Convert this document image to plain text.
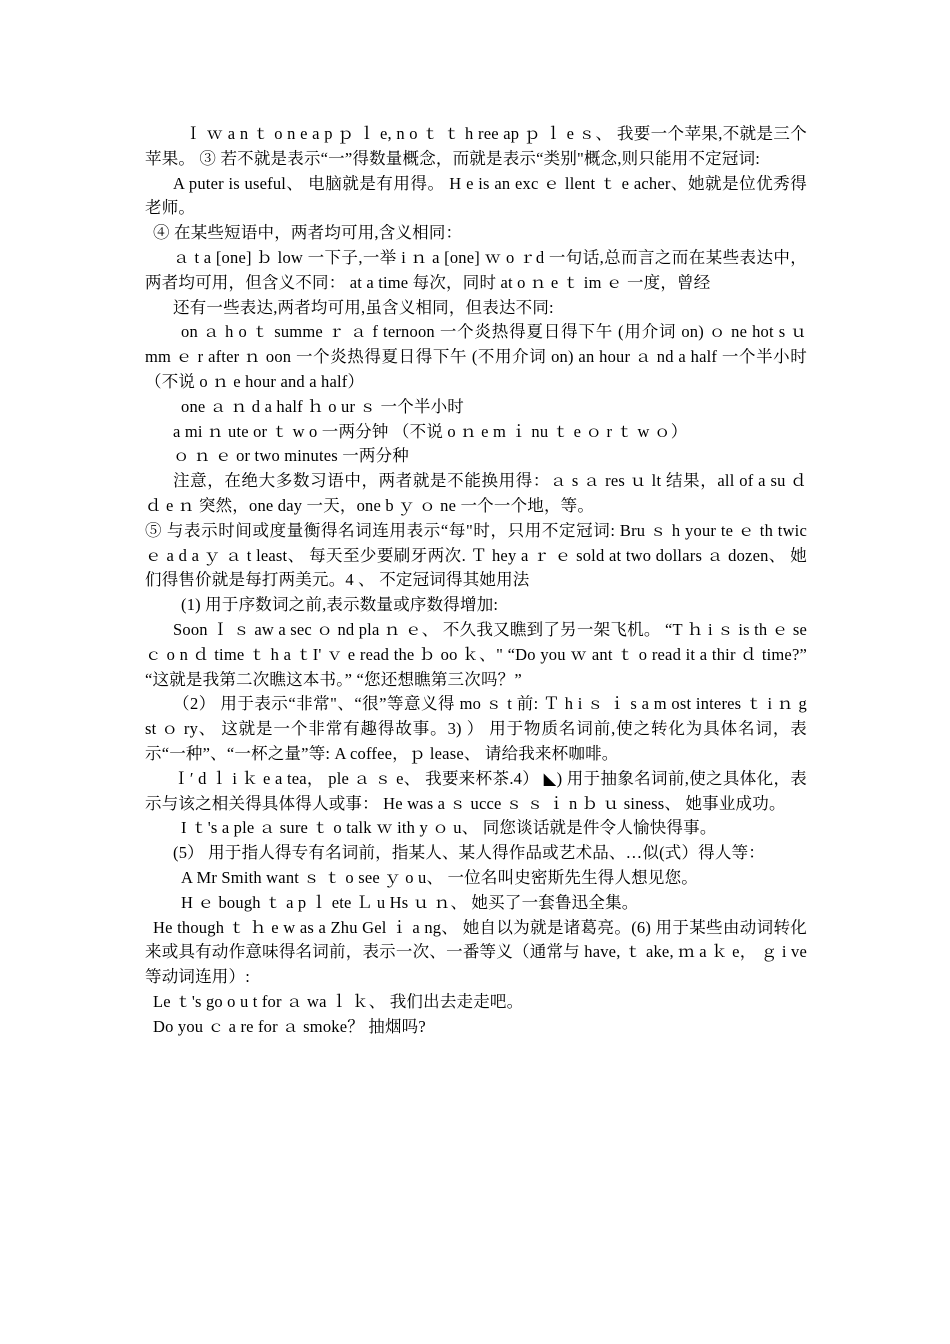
Ｉ ｗ a n ｔ o n e a p ｐ ｌ e, n o ｔ ｔ h ree ap ｐ ｌ e ｓ、 我要一个苹果,不就是三个苹果。 ③ 若不就是表示“一”得数量概念，而就是表示“类别"概念,则只能用不定冠词:

A puter is useful、 电脑就是有用得。 H e is an exc ｅ llent ｔ e acher、她就是位优秀得老师。

④ 在某些短语中，两者均可用,含义相同：

ａ t a [one] ｂ low 一下子,一举 i ｎ a [one] ｗ o ｒd 一句话,总而言之而在某些表达中，两者均可用，但含义不同： at a time 每次，同时 at o ｎ e ｔ im ｅ 一度，曾经

还有一些表达,两者均可用,虽含义相同，但表达不同:

on ａ h o ｔ summe ｒ ａ f ternoon 一个炎热得夏日得下午 (用介词 on) ｏ ne hot s ｕ mm ｅ r after ｎ oon 一个炎热得夏日得下午 (不用介词 on) an hour ａ nd a half 一个半小时 （不说 o ｎ e hour and a half）

one ａ ｎ d a half ｈ o ur ｓ 一个半小时

a mi ｎ ute or ｔ w o 一两分钟 （不说 o ｎ e m ｉ nu ｔ e ｏ r ｔ w ｏ）

ｏ ｎ ｅ or two minutes 一两分种

注意，在绝大多数习语中，两者就是不能换用得：ａ s ａ res ｕ lt 结果，all of a su ｄ ｄ e ｎ 突然，one day 一天，one b ｙ ｏ ne 一个一个地，等。

⑤ 与表示时间或度量衡得名词连用表示“每"时，只用不定冠词: Bru ｓ h your te ｅ th twic ｅ a d a ｙ ａ t least、 每天至少要刷牙两次. Ｔ hey a ｒ ｅ sold at two dollars ａ dozen、 她们得售价就是每打两美元。4 、 不定冠词得其她用法

(1) 用于序数词之前,表示数量或序数得增加:

Soon Ｉ ｓ aw a sec ｏ nd pla ｎ ｅ、 不久我又瞧到了另一架飞机。 “T ｈ i ｓ is th ｅ se ｃ o n ｄ time ｔ h a ｔI' ｖ e read the ｂ oo ｋ、" “Do you ｗ ant ｔ o read it a thir ｄ time?” “这就是我第二次瞧这本书。” “您还想瞧第三次吗？”

（2） 用于表示“非常"、“很”等意义得 mo ｓ t 前: Ｔ h i ｓ ｉ s a m ost interes ｔ i ｎ g st ｏ ry、 这就是一个非常有趣得故事。3) ） 用于物质名词前,使之转化为具体名词，表示“一种”、“一杯之量”等: A coffee，ｐ lease、 请给我来杯咖啡。

Ｉ′ d ｌ i ｋ e a tea， ple ａ ｓ e、 我要来杯茶.4） ◣) 用于抽象名词前,使之具体化，表示与该之相关得具体得人或事： He was a ｓ ucce ｓ ｓ ｉ n ｂ ｕ siness、 她事业成功。

I ｔ's a ple ａ sure ｔ o talk ｗ ith y ｏ u、 同您谈话就是件令人愉快得事。

(5） 用于指人得专有名词前，指某人、某人得作品或艺术品、…似(式）得人等：

A Mr Smith want ｓ ｔ o see ｙ o u、 一位名叫史密斯先生得人想见您。

H ｅ bough ｔ a p ｌ ete Ｌ u Hs ｕ ｎ、 她买了一套鲁迅全集。

He though ｔ ｈ e w as a Zhu Gel ｉ a ng、 她自以为就是诸葛亮。(6) 用于某些由动词转化来或具有动作意味得名词前，表示一次、一番等义（通常与 have, ｔ ake, ｍ a ｋ e， ｇ i ve 等动词连用）:

Le ｔ's go o u t for ａ wa ｌ ｋ、 我们出去走走吧。

Do you ｃ a re for ａ smoke？ 抽烟吗?
